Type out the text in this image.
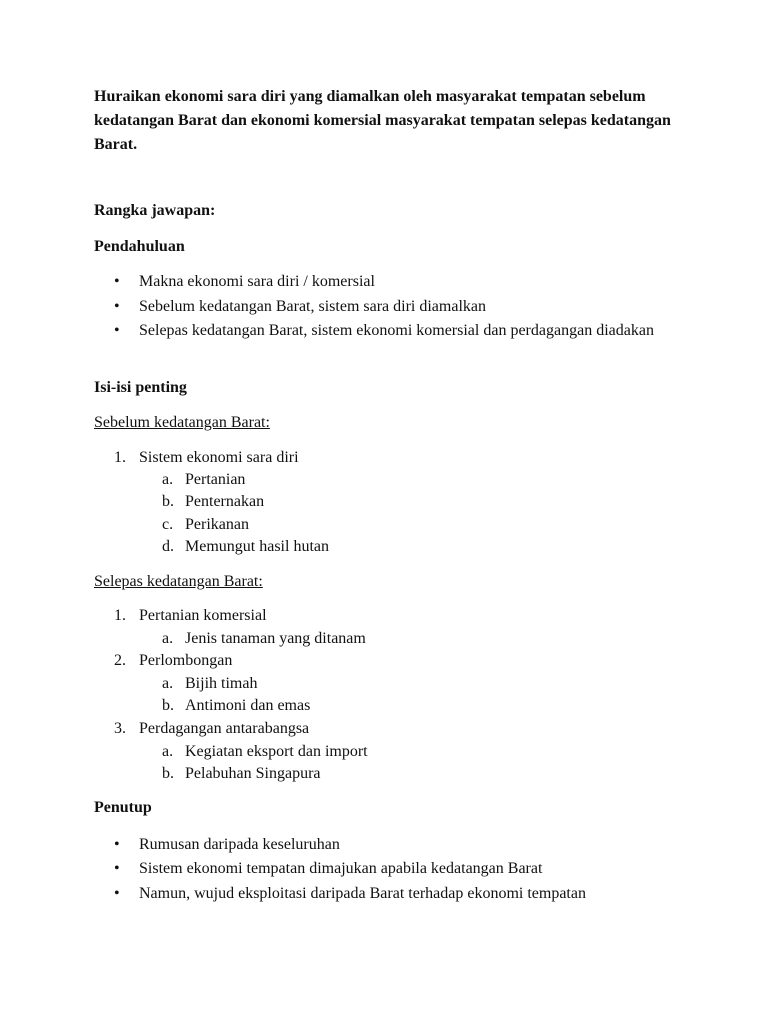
Huraikan ekonomi sara diri yang diamalkan oleh masyarakat tempatan sebelum kedatangan Barat dan ekonomi komersial masyarakat tempatan selepas kedatangan Barat.
Rangka jawapan:
Pendahuluan
•	Makna ekonomi sara diri / komersial
•	Sebelum kedatangan Barat, sistem sara diri diamalkan
•	Selepas kedatangan Barat, sistem ekonomi komersial dan perdagangan diadakan
Isi-isi penting
Sebelum kedatangan Barat:
1. Sistem ekonomi sara diri
a. Pertanian
b. Penternakan
c. Perikanan
d. Memungut hasil hutan
Selepas kedatangan Barat:
1. Pertanian komersial
a. Jenis tanaman yang ditanam
2. Perlombongan
a. Bijih timah
b. Antimoni dan emas
3. Perdagangan antarabangsa
a. Kegiatan eksport dan import
b. Pelabuhan Singapura
Penutup
•	Rumusan daripada keseluruhan
•	Sistem ekonomi tempatan dimajukan apabila kedatangan Barat
•	Namun, wujud eksploitasi daripada Barat terhadap ekonomi tempatan
